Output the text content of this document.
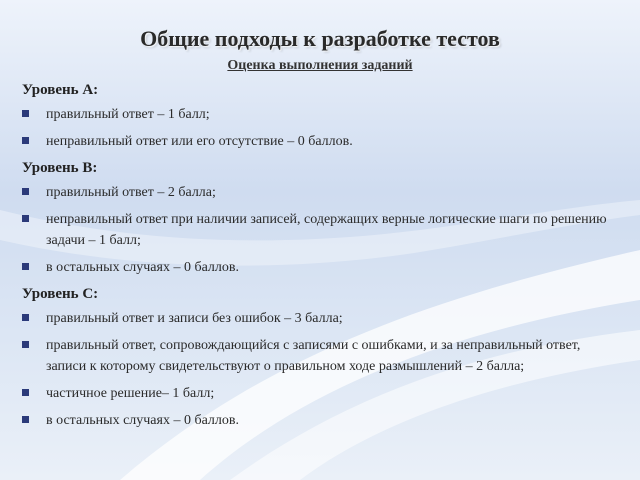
Общие подходы к разработке тестов
Оценка выполнения заданий
Уровень А:
правильный ответ – 1 балл;
неправильный ответ или его отсутствие – 0 баллов.
Уровень В:
правильный ответ – 2 балла;
неправильный ответ при наличии записей, содержащих верные логические шаги по решению задачи – 1 балл;
в остальных случаях – 0 баллов.
Уровень С:
правильный ответ и записи без ошибок – 3 балла;
правильный ответ, сопровождающийся с записями с ошибками, и за неправильный ответ, записи к которому свидетельствуют о правильном ходе размышлений – 2 балла;
частичное решение– 1 балл;
в остальных случаях – 0 баллов.
